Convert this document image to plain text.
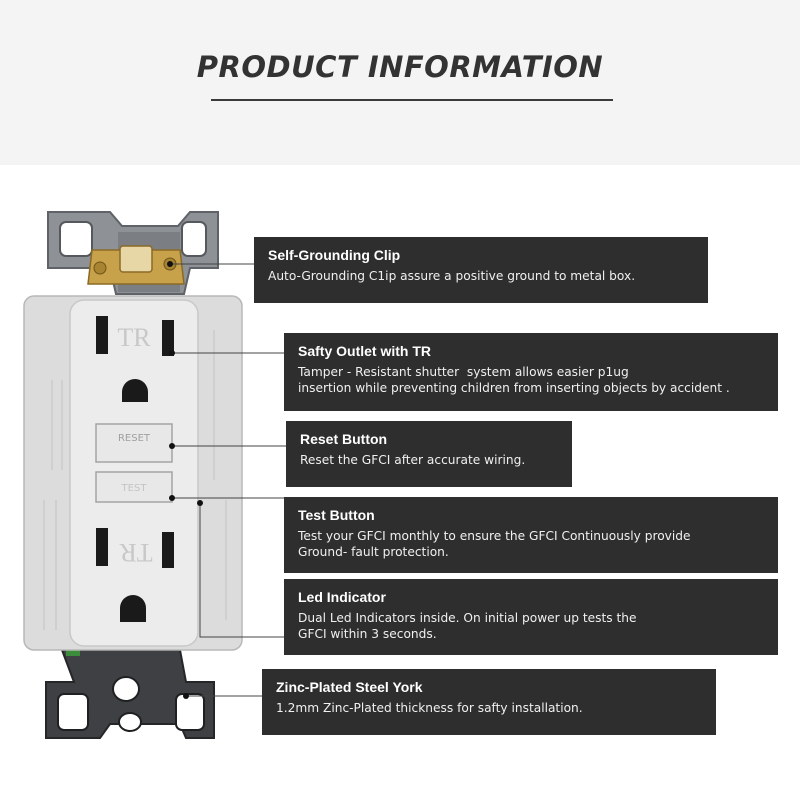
PRODUCT INFORMATION
TR
TR
RESET
TEST
Self-Grounding Clip
Auto-Grounding C1ip assure a positive ground to metal box.
Safty Outlet with TR
Tamper - Resistant shutter  system allows easier p1ug
insertion while preventing children from inserting objects by accident .
Reset Button
Reset the GFCI after accurate wiring.
Test Button
Test your GFCI monthly to ensure the GFCI Continuously provide
Ground- fault protection.
Led Indicator
Dual Led Indicators inside. On initial power up tests the
GFCI within 3 seconds.
Zinc-Plated Steel York
1.2mm Zinc-Plated thickness for safty installation.
